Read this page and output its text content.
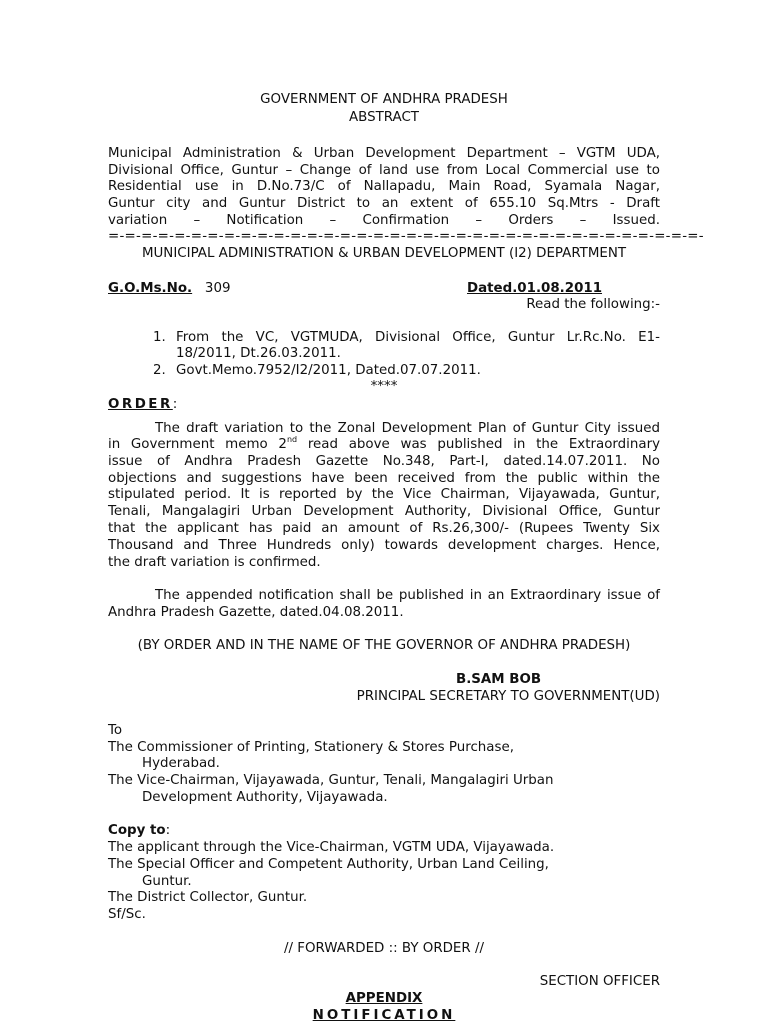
GOVERNMENT OF ANDHRA PRADESH
ABSTRACT
Municipal Administration & Urban Development Department – VGTM UDA,
Divisional Office, Guntur – Change of land use from Local Commercial use to
Residential use in D.No.73/C of Nallapadu, Main Road, Syamala Nagar,
Guntur city and Guntur District to an extent of 655.10 Sq.Mtrs - Draft
variation – Notification – Confirmation – Orders – Issued.
=-=-=-=-=-=-=-=-=-=-=-=-=-=-=-=-=-=-=-=-=-=-=-=-=-=-=-=-=-=-=-=-=-=-=-=-
MUNICIPAL ADMINISTRATION & URBAN DEVELOPMENT (I2) DEPARTMENT
G.O.Ms.No. 309	Dated.01.08.2011
Read the following:-
1. From the VC, VGTMUDA, Divisional Office, Guntur Lr.Rc.No. E1-
18/2011, Dt.26.03.2011.
2. Govt.Memo.7952/I2/2011, Dated.07.07.2011.
****
ORDER:
The draft variation to the Zonal Development Plan of Guntur City issued
in Government memo 2nd read above was published in the Extraordinary
issue of Andhra Pradesh Gazette No.348, Part-I, dated.14.07.2011. No
objections and suggestions have been received from the public within the
stipulated period. It is reported by the Vice Chairman, Vijayawada, Guntur,
Tenali, Mangalagiri Urban Development Authority, Divisional Office, Guntur
that the applicant has paid an amount of Rs.26,300/- (Rupees Twenty Six
Thousand and Three Hundreds only) towards development charges. Hence,
the draft variation is confirmed.
The appended notification shall be published in an Extraordinary issue of
Andhra Pradesh Gazette, dated.04.08.2011.
(BY ORDER AND IN THE NAME OF THE GOVERNOR OF ANDHRA PRADESH)
B.SAM BOB
PRINCIPAL SECRETARY TO GOVERNMENT(UD)
To
The Commissioner of Printing, Stationery & Stores Purchase,
Hyderabad.
The Vice-Chairman, Vijayawada, Guntur, Tenali, Mangalagiri Urban
Development Authority, Vijayawada.
Copy to:
The applicant through the Vice-Chairman, VGTM UDA, Vijayawada.
The Special Officer and Competent Authority, Urban Land Ceiling,
Guntur.
The District Collector, Guntur.
Sf/Sc.
// FORWARDED :: BY ORDER //
SECTION OFFICER
APPENDIX
NOTIFICATION
